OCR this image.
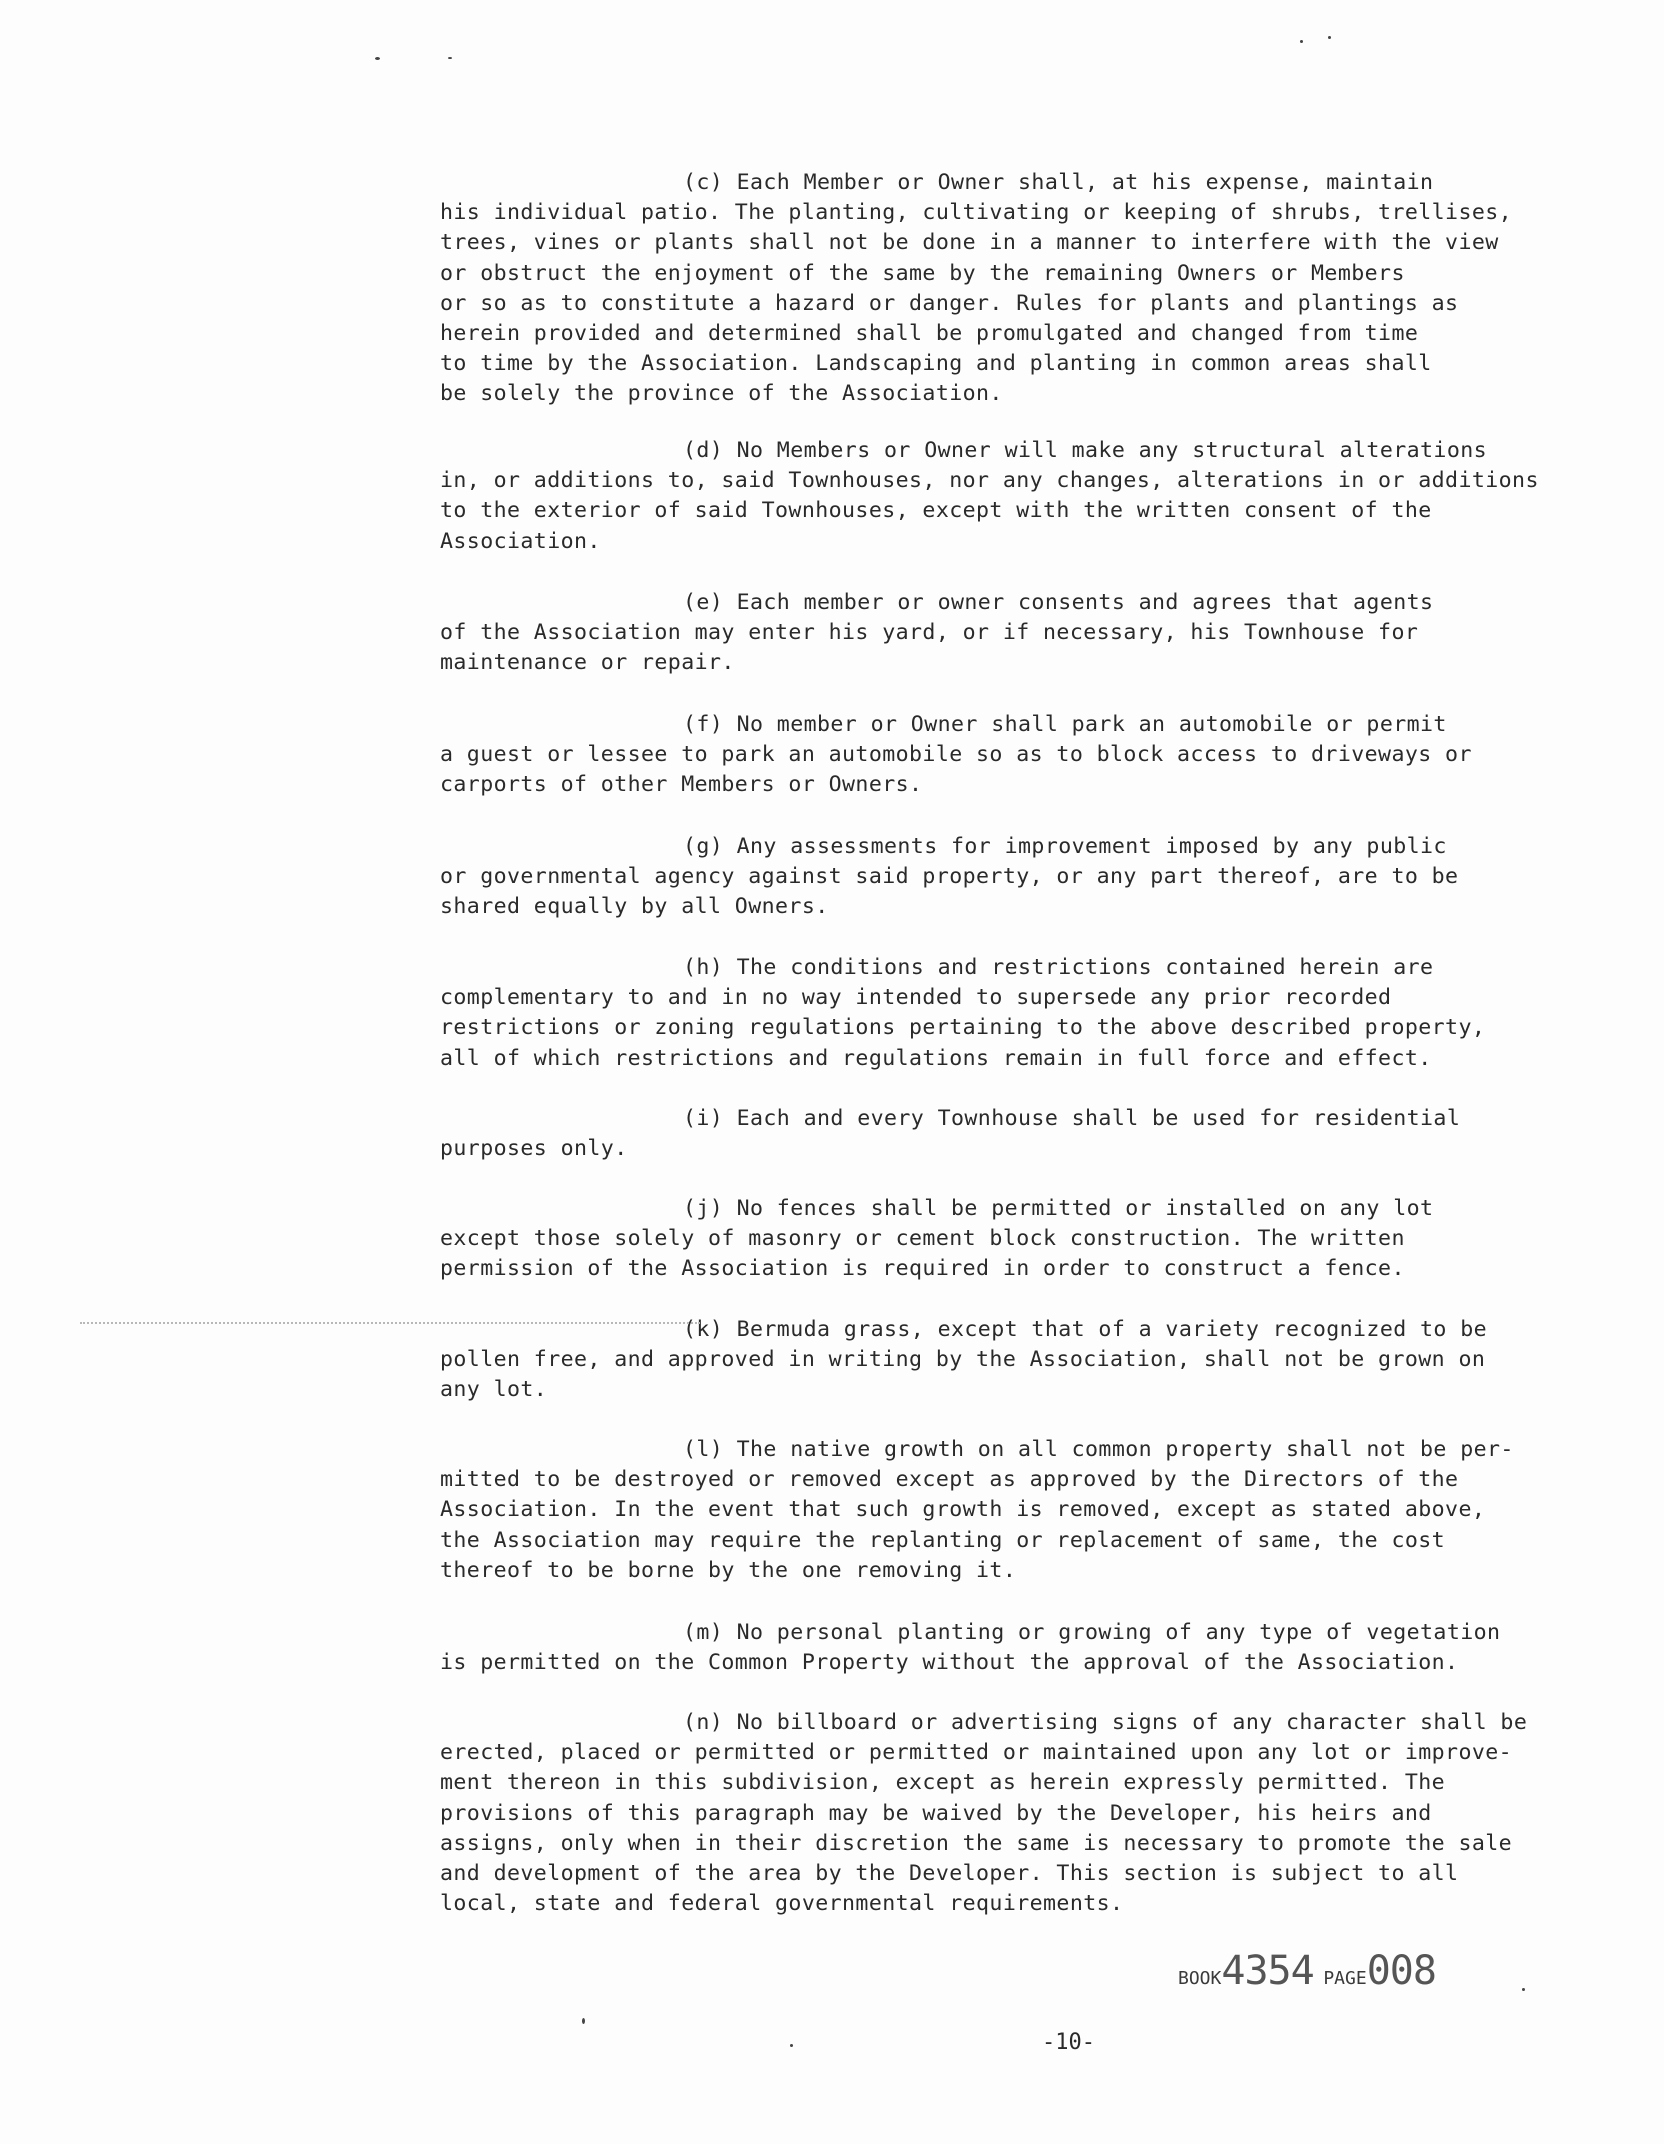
(c) Each Member or Owner shall, at his expense, maintain
his individual patio. The planting, cultivating or keeping of shrubs, trellises,
trees, vines or plants shall not be done in a manner to interfere with the view
or obstruct the enjoyment of the same by the remaining Owners or Members
or so as to constitute a hazard or danger. Rules for plants and plantings as
herein provided and determined shall be promulgated and changed from time
to time by the Association. Landscaping and planting in common areas shall
be solely the province of the Association.
(d) No Members or Owner will make any structural alterations
in, or additions to, said Townhouses, nor any changes, alterations in or additions
to the exterior of said Townhouses, except with the written consent of the
Association.
(e) Each member or owner consents and agrees that agents
of the Association may enter his yard, or if necessary, his Townhouse for
maintenance or repair.
(f) No member or Owner shall park an automobile or permit
a guest or lessee to park an automobile so as to block access to driveways or
carports of other Members or Owners.
(g) Any assessments for improvement imposed by any public
or governmental agency against said property, or any part thereof, are to be
shared equally by all Owners.
(h) The conditions and restrictions contained herein are
complementary to and in no way intended to supersede any prior recorded
restrictions or zoning regulations pertaining to the above described property,
all of which restrictions and regulations remain in full force and effect.
(i) Each and every Townhouse shall be used for residential
purposes only.
(j) No fences shall be permitted or installed on any lot
except those solely of masonry or cement block construction. The written
permission of the Association is required in order to construct a fence.
(k) Bermuda grass, except that of a variety recognized to be
pollen free, and approved in writing by the Association, shall not be grown on
any lot.
(l) The native growth on all common property shall not be per-
mitted to be destroyed or removed except as approved by the Directors of the
Association. In the event that such growth is removed, except as stated above,
the Association may require the replanting or replacement of same, the cost
thereof to be borne by the one removing it.
(m) No personal planting or growing of any type of vegetation
is permitted on the Common Property without the approval of the Association.
(n) No billboard or advertising signs of any character shall be
erected, placed or permitted or permitted or maintained upon any lot or improve-
ment thereon in this subdivision, except as herein expressly permitted. The
provisions of this paragraph may be waived by the Developer, his heirs and
assigns, only when in their discretion the same is necessary to promote the sale
and development of the area by the Developer. This section is subject to all
local, state and federal governmental requirements.
BOOK4354 PAGE008
-10-
